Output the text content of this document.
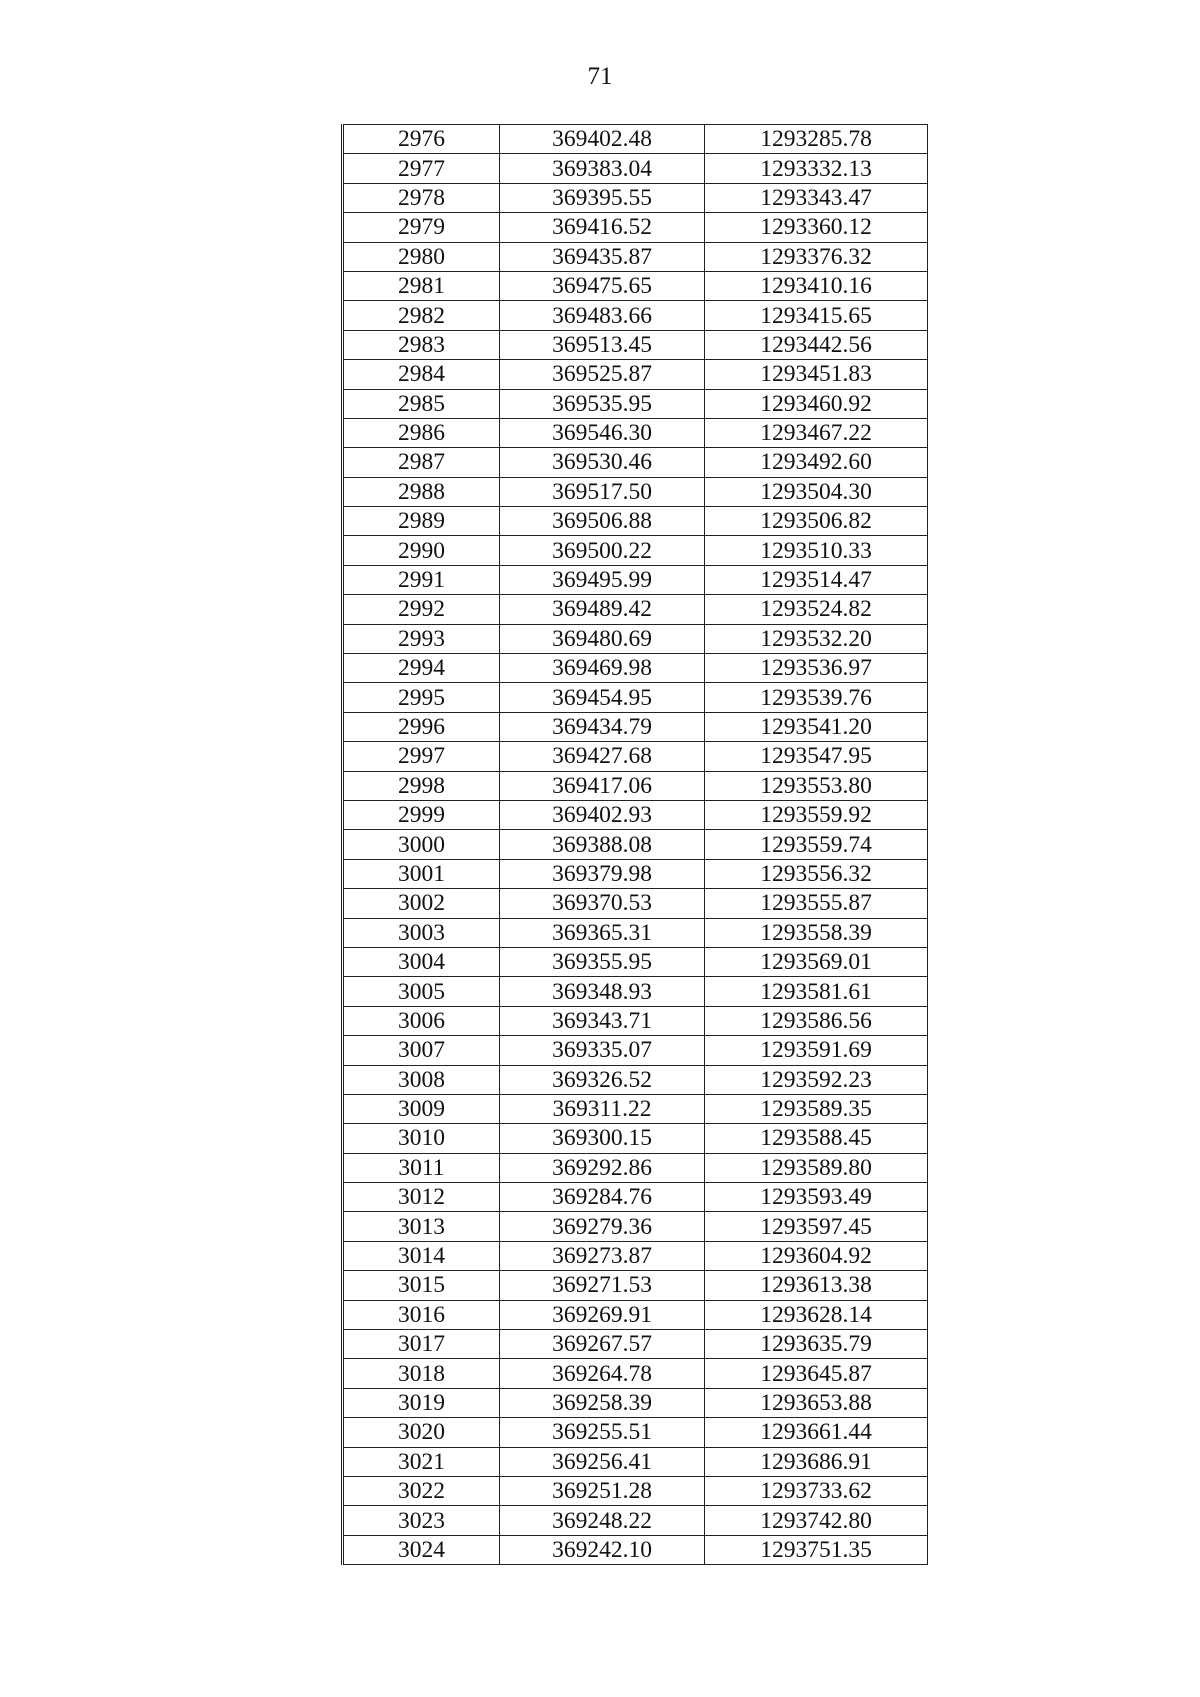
71
2976	369402.48	1293285.78
2977	369383.04	1293332.13
2978	369395.55	1293343.47
2979	369416.52	1293360.12
2980	369435.87	1293376.32
2981	369475.65	1293410.16
2982	369483.66	1293415.65
2983	369513.45	1293442.56
2984	369525.87	1293451.83
2985	369535.95	1293460.92
2986	369546.30	1293467.22
2987	369530.46	1293492.60
2988	369517.50	1293504.30
2989	369506.88	1293506.82
2990	369500.22	1293510.33
2991	369495.99	1293514.47
2992	369489.42	1293524.82
2993	369480.69	1293532.20
2994	369469.98	1293536.97
2995	369454.95	1293539.76
2996	369434.79	1293541.20
2997	369427.68	1293547.95
2998	369417.06	1293553.80
2999	369402.93	1293559.92
3000	369388.08	1293559.74
3001	369379.98	1293556.32
3002	369370.53	1293555.87
3003	369365.31	1293558.39
3004	369355.95	1293569.01
3005	369348.93	1293581.61
3006	369343.71	1293586.56
3007	369335.07	1293591.69
3008	369326.52	1293592.23
3009	369311.22	1293589.35
3010	369300.15	1293588.45
3011	369292.86	1293589.80
3012	369284.76	1293593.49
3013	369279.36	1293597.45
3014	369273.87	1293604.92
3015	369271.53	1293613.38
3016	369269.91	1293628.14
3017	369267.57	1293635.79
3018	369264.78	1293645.87
3019	369258.39	1293653.88
3020	369255.51	1293661.44
3021	369256.41	1293686.91
3022	369251.28	1293733.62
3023	369248.22	1293742.80
3024	369242.10	1293751.35
